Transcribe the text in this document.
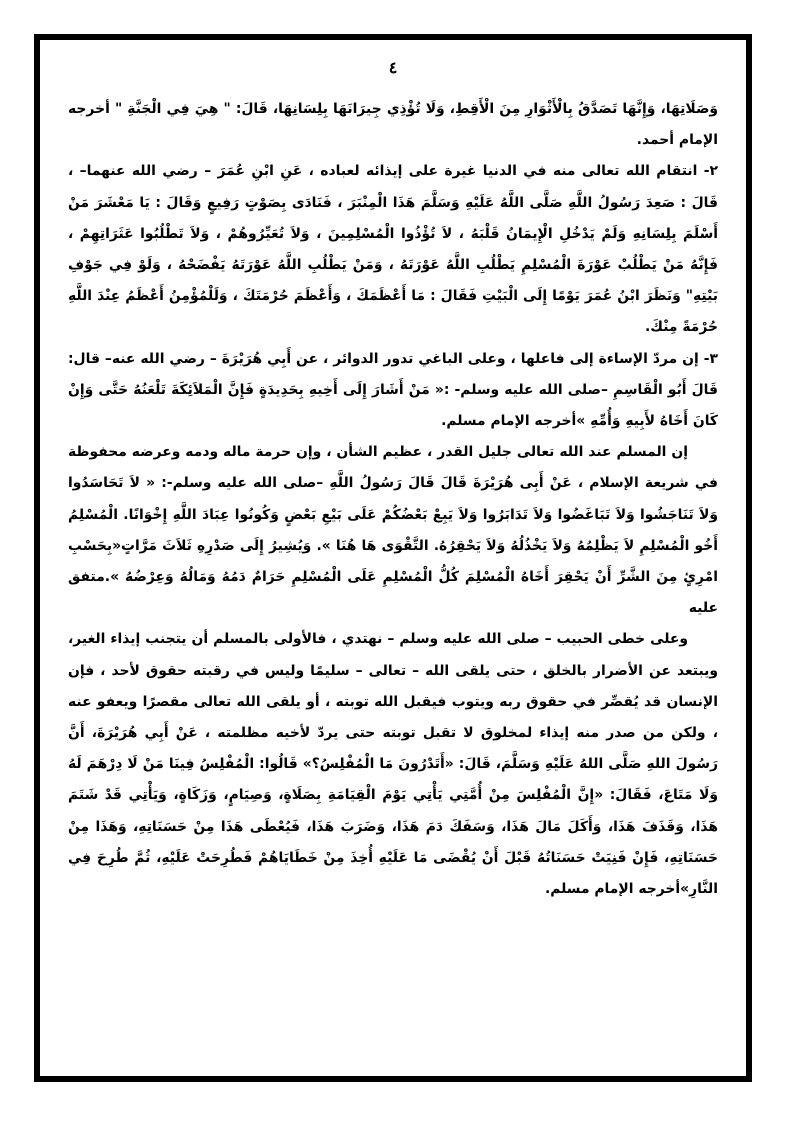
٤

وَصَلَاتِهَا، وَإِنَّهَا تَصَدَّقُ بِالْأَثْوَارِ مِنَ الْأَقِطِ، وَلَا تُؤْذِي جِيرَانَهَا بِلِسَانِهَا، قَالَ: " هِيَ فِي الْجَنَّةِ " أخرجه الإمام أحمد.

٢- انتقام الله تعالى منه في الدنيا غيرة على إيذائه لعباده ، عَنِ ابْنِ عُمَرَ – رضي الله عنهما– ، قَالَ : صَعِدَ رَسُولُ اللَّهِ صَلَّى اللَّهُ عَلَيْهِ وَسَلَّمَ هَذَا الْمِنْبَرَ ، فَنَادَى بِصَوْتٍ رَفِيعٍ وَقَالَ : يَا مَعْشَرَ مَنْ أَسْلَمَ بِلِسَانِهِ وَلَمْ يَدْخُلِ الْإِيمَانُ قَلْبَهُ ، لاَ تُؤْذُوا الْمُسْلِمِينَ ، وَلاَ تُعَيِّرُوهُمْ ، وَلاَ تَطْلُبُوا عَثَرَاتِهِمْ ، فَإِنَّهُ مَنْ يَطْلُبْ عَوْرَةَ الْمُسْلِمِ يَطْلُبِ اللَّهُ عَوْرَتَهُ ، وَمَنْ يَطْلُبِ اللَّهُ عَوْرَتَهُ يَفْضَحْهُ ، وَلَوْ فِي جَوْفِ بَيْتِهِ" وَنَظَرَ ابْنُ عُمَرَ يَوْمًا إِلَى الْبَيْتِ فَقَالَ : مَا أَعْظَمَكَ ، وَأَعْظَمَ حُرْمَتَكَ ، وَلَلْمُؤْمِنُ أَعْظَمُ عِنْدَ اللَّهِ حُرْمَةً مِنْكَ.

٣- إن مردّ الإساءة إلى فاعلها ، وعلى الباغي تدور الدوائر ، عن أَبِي هُرَيْرَةَ – رضي الله عنه– قال: قَالَ أَبُو الْقَاسِمِ –صلى الله عليه وسلم- :« مَنْ أَشَارَ إِلَى أَخِيهِ بِحَدِيدَةٍ فَإِنَّ الْمَلاَئِكَةَ تَلْعَنُهُ حَتَّى وَإِنْ كَانَ أَخَاهُ لأَبِيهِ وَأُمِّهِ »أخرجه الإمام مسلم.

إن المسلم عند الله تعالى جليل القدر ، عظيم الشأن ، وإن حرمة ماله ودمه وعرضه محفوظة في شريعة الإسلام ، عَنْ أَبِى هُرَيْرَةَ قَالَ قَالَ رَسُولُ اللَّهِ –صلى الله عليه وسلم-: « لاَ تَحَاسَدُوا وَلاَ تَنَاجَشُوا وَلاَ تَبَاغَضُوا وَلاَ تَدَابَرُوا وَلاَ يَبِعْ بَعْضُكُمْ عَلَى بَيْعِ بَعْضٍ وَكُونُوا عِبَادَ اللَّهِ إِخْوَانًا. الْمُسْلِمُ أَخُو الْمُسْلِمِ لاَ يَظْلِمُهُ وَلاَ يَخْذُلُهُ وَلاَ يَحْقِرُهُ. التَّقْوَى هَا هُنَا ». وَيُشِيرُ إِلَى صَدْرِهِ ثَلاَثَ مَرَّاتٍ«بِحَسْبِ امْرِئٍ مِنَ الشَّرِّ أَنْ يَحْقِرَ أَخَاهُ الْمُسْلِمَ كُلُّ الْمُسْلِمِ عَلَى الْمُسْلِمِ حَرَامٌ دَمُهُ وَمَالُهُ وَعِرْضُهُ ».متفق عليه

وعلى خطى الحبيب – صلى الله عليه وسلم – نهتدي ، فالأولى بالمسلم أن يتجنب إيذاء الغير، ويبتعد عن الأضرار بالخلق ، حتى يلقى الله – تعالى – سليمًا وليس في رقبته حقوق لأحد ، فإن الإنسان قد يُقصِّر في حقوق ربه ويتوب فيقبل الله توبته ، أو يلقى الله تعالى مقصرًا ويعفو عنه ، ولكن من صدر منه إيذاء لمخلوق لا تقبل توبته حتى يردّ لأخيه مظلمته ، عَنْ أَبِي هُرَيْرَةَ، أَنَّ رَسُولَ اللهِ صَلَّى اللهُ عَلَيْهِ وَسَلَّمَ، قَالَ: «أَتَدْرُونَ مَا الْمُفْلِسُ؟» قَالُوا: الْمُفْلِسُ فِينَا مَنْ لَا دِرْهَمَ لَهُ وَلَا مَتَاعَ، فَقَالَ: «إِنَّ الْمُفْلِسَ مِنْ أُمَّتِي يَأْتِي يَوْمَ الْقِيَامَةِ بِصَلَاةٍ، وَصِيَامٍ، وَزَكَاةٍ، وَيَأْتِي قَدْ شَتَمَ هَذَا، وَقَذَفَ هَذَا، وَأَكَلَ مَالَ هَذَا، وَسَفَكَ دَمَ هَذَا، وَضَرَبَ هَذَا، فَيُعْطَى هَذَا مِنْ حَسَنَاتِهِ، وَهَذَا مِنْ حَسَنَاتِهِ، فَإِنْ فَنِيَتْ حَسَنَاتُهُ قَبْلَ أَنْ يُقْضَى مَا عَلَيْهِ أُخِذَ مِنْ خَطَايَاهُمْ فَطُرِحَتْ عَلَيْهِ، ثُمَّ طُرِحَ فِي النَّارِ»أخرجه الإمام مسلم.
